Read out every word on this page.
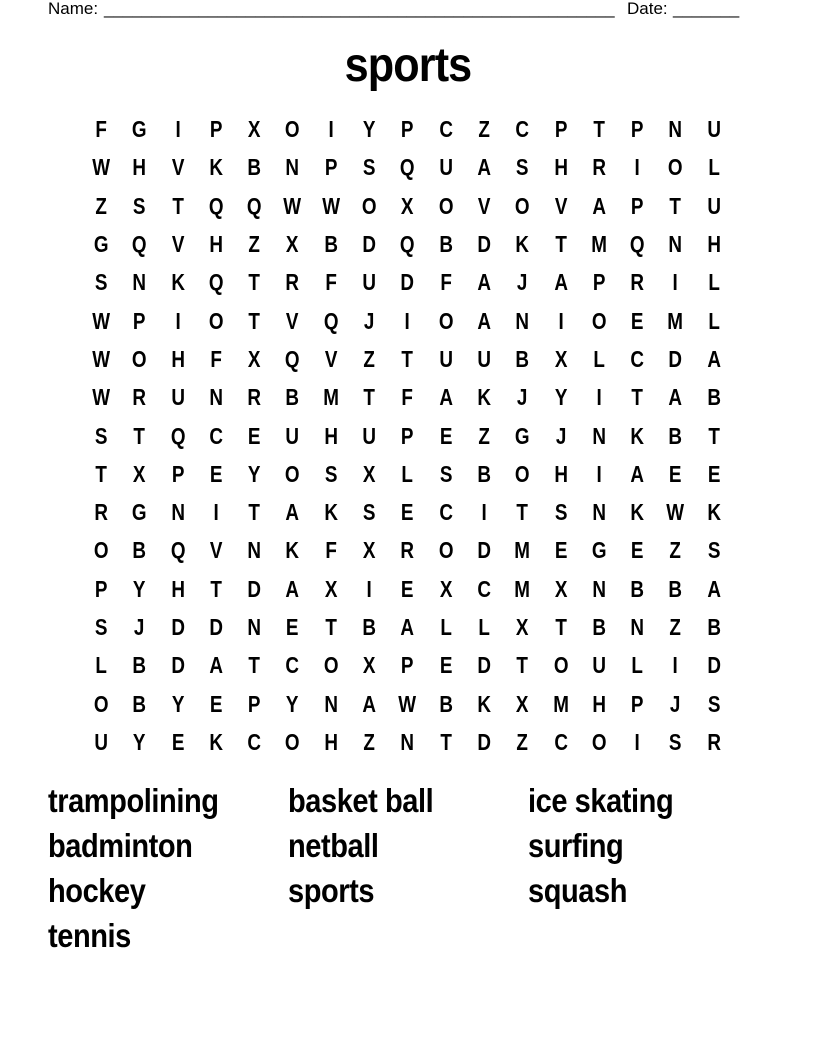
Name: ______________________________________________________ Date: _______
sports
F	G	I	P	X	O	I	Y	P	C	Z	C	P	T	P	N	U
W H	V	K	B	N	P	S	Q	U	A	S	H	R	I	O	L
Z	S	T	Q	Q W W O	X	O	V	O	V	A	P	T	U
G	Q	V	H	Z	X	B	D	Q	B	D	K	T	M	Q	N	H
S	N	K	Q	T	R	F	U	D	F	A	J	A	P	R	I	L
W	P	I	O	T	V	Q	J	I	O	A	N	I	O	E	M	L
W O	H	F	X	Q	V	Z	T	U	U	B	X	L	C	D	A
W R	U	N	R	B	M	T	F	A	K	J	Y	I	T	A	B
S	T	Q	C	E	U	H	U	P	E	Z	G	J	N	K	B	T
T	X	P	E	Y	O	S	X	L	S	B	O	H	I	A	E	E
R	G	N	I	T	A	K	S	E	C	I	T	S	N	K W K
O	B	Q	V	N	K	F	X	R	O	D	M	E	G	E	Z	S
P	Y	H	T	D	A	X	I	E	X	C	M	X	N	B	B	A
S	J	D	D	N	E	T	B	A	L	L	X	T	B	N	Z	B
L	B	D	A	T	C	O	X	P	E	D	T	O	U	L	I	D
O	B	Y	E	P	Y	N	A W B	K	X	M	H	P	J	S
U	Y	E	K	C	O	H	Z	N	T	D	Z	C	O	I	S	R
trampolining	basket ball	ice skating
badminton	netball	surfing
hockey	sports	squash
tennis
